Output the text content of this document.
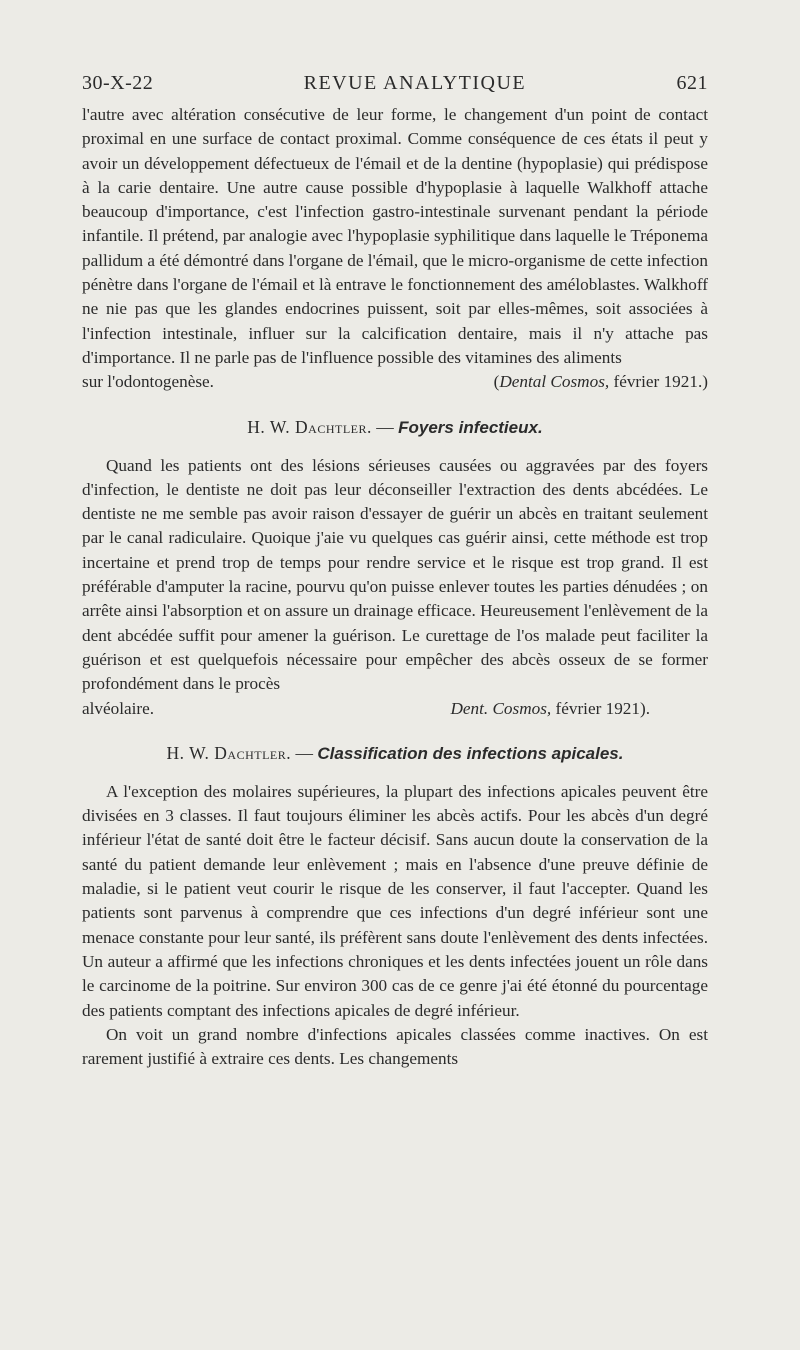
30-X-22	REVUE ANALYTIQUE	621

l'autre avec altération consécutive de leur forme, le changement d'un point de contact proximal en une surface de contact proximal. Comme conséquence de ces états il peut y avoir un développement défectueux de l'émail et de la dentine (hypoplasie) qui prédispose à la carie dentaire. Une autre cause possible d'hypoplasie à laquelle Walkhoff attache beaucoup d'importance, c'est l'infection gastro-intestinale survenant pendant la période infantile. Il prétend, par analogie avec l'hypoplasie syphilitique dans laquelle le Tréponema pallidum a été démontré dans l'organe de l'émail, que le micro-organisme de cette infection pénètre dans l'organe de l'émail et là entrave le fonctionnement des améloblastes. Walkhoff ne nie pas que les glandes endocrines puissent, soit par elles-mêmes, soit associées à l'infection intestinale, influer sur la calcification dentaire, mais il n'y attache pas d'importance. Il ne parle pas de l'influence possible des vitamines des aliments

sur l'odontogenèse.	(Dental Cosmos, février 1921.)
H. W. Dachtler. — Foyers infectieux.

Quand les patients ont des lésions sérieuses causées ou aggravées par des foyers d'infection, le dentiste ne doit pas leur déconseiller l'extraction des dents abcédées. Le dentiste ne me semble pas avoir raison d'essayer de guérir un abcès en traitant seulement par le canal radiculaire. Quoique j'aie vu quelques cas guérir ainsi, cette méthode est trop incertaine et prend trop de temps pour rendre service et le risque est trop grand. Il est préférable d'amputer la racine, pourvu qu'on puisse enlever toutes les parties dénudées ; on arrête ainsi l'absorption et on assure un drainage efficace. Heureusement l'enlèvement de la dent abcédée suffit pour amener la guérison. Le curettage de l'os malade peut faciliter la guérison et est quelquefois nécessaire pour empêcher des abcès osseux de se former profondément dans le procès

alvéolaire.	Dent. Cosmos, février 1921).
H. W. Dachtler. — Classification des infections apicales.

A l'exception des molaires supérieures, la plupart des infections apicales peuvent être divisées en 3 classes. Il faut toujours éliminer les abcès actifs. Pour les abcès d'un degré inférieur l'état de santé doit être le facteur décisif. Sans aucun doute la conservation de la santé du patient demande leur enlèvement ; mais en l'absence d'une preuve définie de maladie, si le patient veut courir le risque de les conserver, il faut l'accepter. Quand les patients sont parvenus à comprendre que ces infections d'un degré inférieur sont une menace constante pour leur santé, ils préfèrent sans doute l'enlèvement des dents infectées. Un auteur a affirmé que les infections chroniques et les dents infectées jouent un rôle dans le carcinome de la poitrine. Sur environ 300 cas de ce genre j'ai été étonné du pourcentage des patients comptant des infections apicales de degré inférieur.

On voit un grand nombre d'infections apicales classées comme inactives. On est rarement justifié à extraire ces dents. Les changements
